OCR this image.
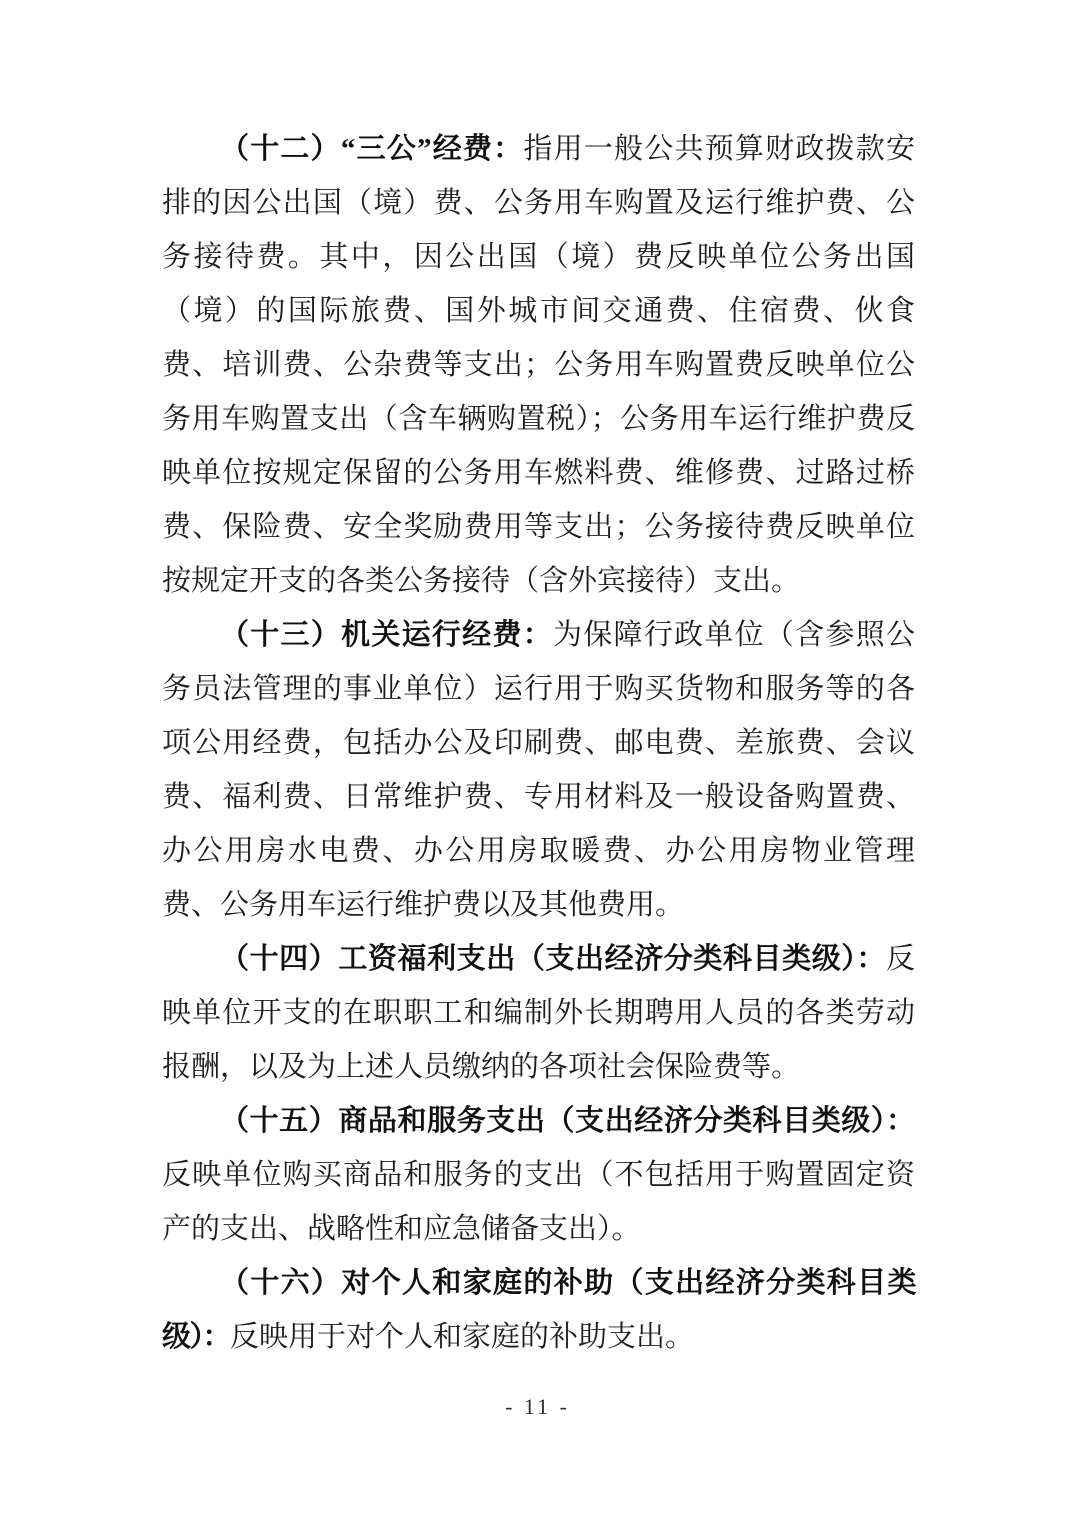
（十二）“三公”经费：指用一般公共预算财政拨款安排的因公出国（境）费、公务用车购置及运行维护费、公务接待费。其中，因公出国（境）费反映单位公务出国（境）的国际旅费、国外城市间交通费、住宿费、伙食费、培训费、公杂费等支出；公务用车购置费反映单位公务用车购置支出（含车辆购置税）；公务用车运行维护费反映单位按规定保留的公务用车燃料费、维修费、过路过桥费、保险费、安全奖励费用等支出；公务接待费反映单位按规定开支的各类公务接待（含外宾接待）支出。

（十三）机关运行经费：为保障行政单位（含参照公务员法管理的事业单位）运行用于购买货物和服务等的各项公用经费，包括办公及印刷费、邮电费、差旅费、会议费、福利费、日常维护费、专用材料及一般设备购置费、办公用房水电费、办公用房取暖费、办公用房物业管理费、公务用车运行维护费以及其他费用。

（十四）工资福利支出（支出经济分类科目类级）：反映单位开支的在职职工和编制外长期聘用人员的各类劳动报酬，以及为上述人员缴纳的各项社会保险费等。

（十五）商品和服务支出（支出经济分类科目类级）：反映单位购买商品和服务的支出（不包括用于购置固定资产的支出、战略性和应急储备支出）。

（十六）对个人和家庭的补助（支出经济分类科目类级）：反映用于对个人和家庭的补助支出。

- 11 -
